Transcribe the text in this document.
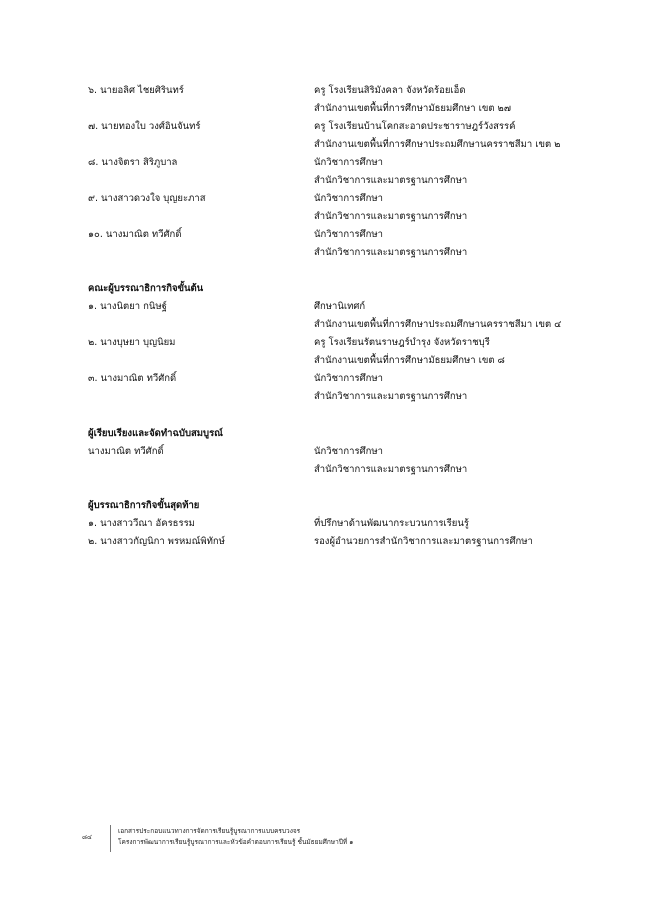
๖. นายอลิศ ไชยศิรินทร์	ครู โรงเรียนสิริมังคลา จังหวัดร้อยเอ็ด
สำนักงานเขตพื้นที่การศึกษามัธยมศึกษา เขต ๒๗
๗. นายทองใบ วงศ์อินจันทร์	ครู โรงเรียนบ้านโคกสะอาดประชาราษฎร์วังสรรค์
สำนักงานเขตพื้นที่การศึกษาประถมศึกษานครราชสีมา เขต ๒
๘. นางจิตรา สิริภูบาล	นักวิชาการศึกษา
สำนักวิชาการและมาตรฐานการศึกษา
๙. นางสาวดวงใจ บุญยะภาส	นักวิชาการศึกษา
สำนักวิชาการและมาตรฐานการศึกษา
๑๐. นางมาณิต ทวีศักดิ์	นักวิชาการศึกษา
สำนักวิชาการและมาตรฐานการศึกษา
คณะผู้บรรณาธิการกิจขั้นต้น
๑. นางนิตยา กนิษฐ์	ศึกษานิเทศก์
สำนักงานเขตพื้นที่การศึกษาประถมศึกษานครราชสีมา เขต ๔
๒. นางบุษยา บุญนิยม	ครู โรงเรียนรัตนราษฎร์บำรุง จังหวัดราชบุรี
สำนักงานเขตพื้นที่การศึกษามัธยมศึกษา เขต ๘
๓. นางมาณิต ทวีศักดิ์	นักวิชาการศึกษา
สำนักวิชาการและมาตรฐานการศึกษา
ผู้เรียบเรียงและจัดทำฉบับสมบูรณ์
นางมาณิต ทวีศักดิ์	นักวิชาการศึกษา
สำนักวิชาการและมาตรฐานการศึกษา
ผู้บรรณาธิการกิจขั้นสุดท้าย
๑. นางสาววีณา อัครธรรม	ที่ปรึกษาด้านพัฒนากระบวนการเรียนรู้
๒. นางสาวกัญนิกา พรหมณ์พิทักษ์	รองผู้อำนวยการสำนักวิชาการและมาตรฐานการศึกษา
๘๔
เอกสารประกอบแนวทางการจัดการเรียนรู้บูรณาการแบบครบวงจร
โครงการพัฒนาการเรียนรู้บูรณาการและหัวข้อคำตอบการเรียนรู้ ชั้นมัธยมศึกษาปีที่ ๑
